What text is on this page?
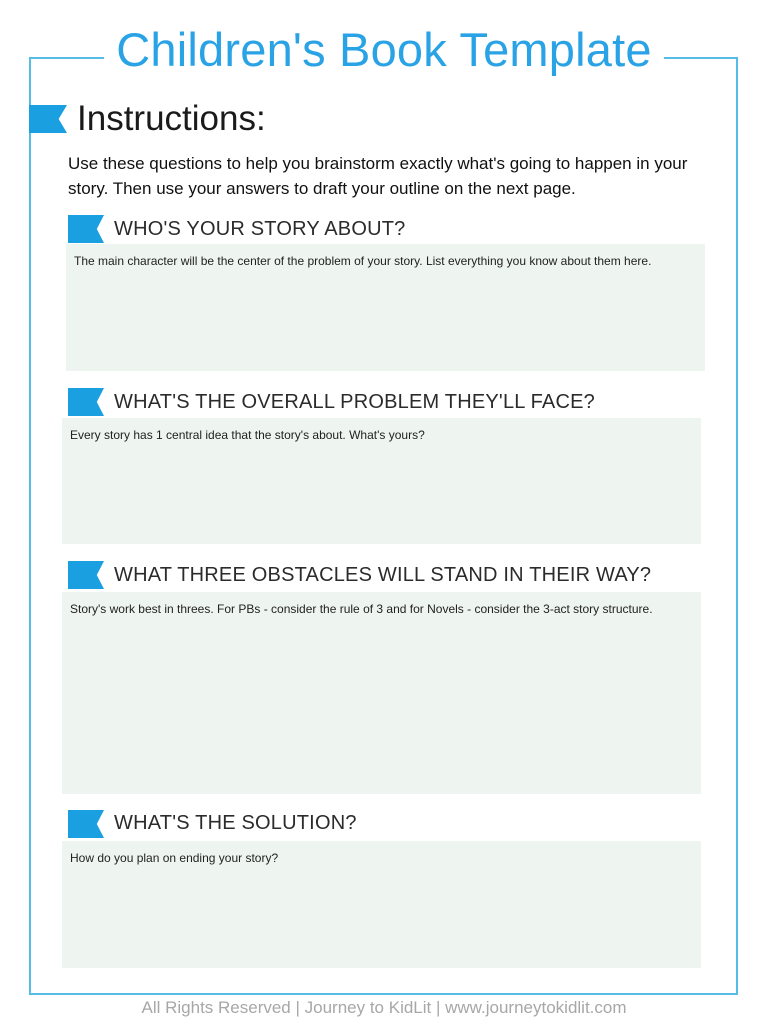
Children's Book Template
Instructions:

Use these questions to help you brainstorm exactly what's going to happen in your story. Then use your answers to draft your outline on the next page.

WHO'S YOUR STORY ABOUT?
The main character will be the center of the problem of your story. List everything you know about them here.
WHAT'S THE OVERALL PROBLEM THEY'LL FACE?
Every story has 1 central idea that the story's about. What's yours?
WHAT THREE OBSTACLES WILL STAND IN THEIR WAY?
Story's work best in threes. For PBs - consider the rule of 3 and for Novels - consider the 3-act story structure.
WHAT'S THE SOLUTION?
How do you plan on ending your story?
All Rights Reserved | Journey to KidLit | www.journeytokidlit.com
